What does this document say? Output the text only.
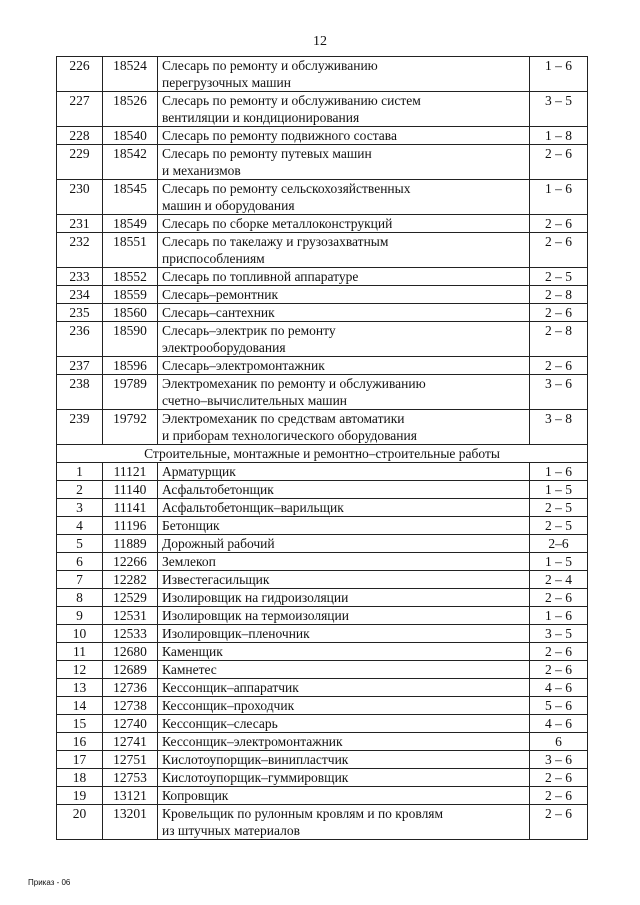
12
226	18524	Слесарь по ремонту и обслуживанию
перегрузочных машин	1 – 6
227	18526	Слесарь по ремонту и обслуживанию систем
вентиляции и кондиционирования	3 – 5
228	18540	Слесарь по ремонту подвижного состава	1 – 8
229	18542	Слесарь по ремонту путевых машин
и механизмов	2 – 6
230	18545	Слесарь по ремонту сельскохозяйственных
машин и оборудования	1 – 6
231	18549	Слесарь по сборке металлоконструкций	2 – 6
232	18551	Слесарь по такелажу и грузозахватным
приспособлениям	2 – 6
233	18552	Слесарь по топливной аппаратуре	2 – 5
234	18559	Слесарь–ремонтник	2 – 8
235	18560	Слесарь–сантехник	2 – 6
236	18590	Слесарь–электрик по ремонту
электрооборудования	2 – 8
237	18596	Слесарь–электромонтажник	2 – 6
238	19789	Электромеханик по ремонту и обслуживанию
счетно–вычислительных машин	3 – 6
239	19792	Электромеханик по средствам автоматики
и приборам технологического оборудования	3 – 8
Строительные, монтажные и ремонтно–строительные работы			
1	11121	Арматурщик	1 – 6
2	11140	Асфальтобетонщик	1 – 5
3	11141	Асфальтобетонщик–варильщик	2 – 5
4	11196	Бетонщик	2 – 5
5	11889	Дорожный рабочий	2–6
6	12266	Землекоп	1 – 5
7	12282	Известегасильщик	2 – 4
8	12529	Изолировщик на гидроизоляции	2 – 6
9	12531	Изолировщик на термоизоляции	1 – 6
10	12533	Изолировщик–пленочник	3 – 5
11	12680	Каменщик	2 – 6
12	12689	Камнетес	2 – 6
13	12736	Кессонщик–аппаратчик	4 – 6
14	12738	Кессонщик–проходчик	5 – 6
15	12740	Кессонщик–слесарь	4 – 6
16	12741	Кессонщик–электромонтажник	6
17	12751	Кислотоупорщик–винипластчик	3 – 6
18	12753	Кислотоупорщик–гуммировщик	2 – 6
19	13121	Копровщик	2 – 6
20	13201	Кровельщик по рулонным кровлям и по кровлям
из штучных материалов	2 – 6
Приказ - 06
